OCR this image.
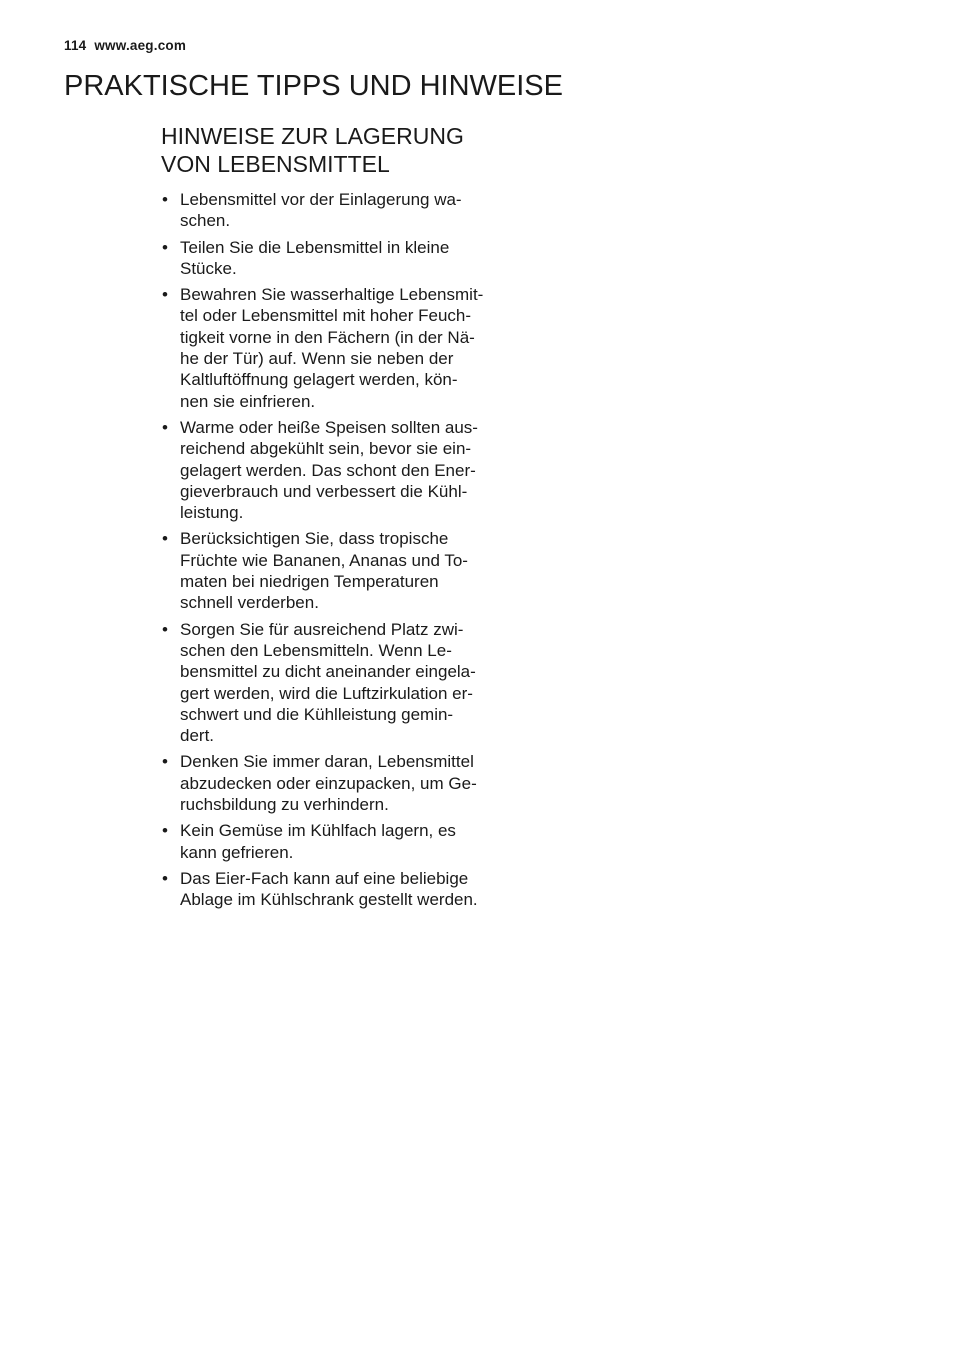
114 www.aeg.com
PRAKTISCHE TIPPS UND HINWEISE
HINWEISE ZUR LAGERUNG
VON LEBENSMITTEL
• Lebensmittel vor der Einlagerung wa-
schen.
• Teilen Sie die Lebensmittel in kleine
Stücke.
• Bewahren Sie wasserhaltige Lebensmit-
tel oder Lebensmittel mit hoher Feuch-
tigkeit vorne in den Fächern (in der Nä-
he der Tür) auf. Wenn sie neben der
Kaltluftöffnung gelagert werden, kön-
nen sie einfrieren.
• Warme oder heiße Speisen sollten aus-
reichend abgekühlt sein, bevor sie ein-
gelagert werden. Das schont den Ener-
gieverbrauch und verbessert die Kühl-
leistung.
• Berücksichtigen Sie, dass tropische
Früchte wie Bananen, Ananas und To-
maten bei niedrigen Temperaturen
schnell verderben.
• Sorgen Sie für ausreichend Platz zwi-
schen den Lebensmitteln. Wenn Le-
bensmittel zu dicht aneinander eingela-
gert werden, wird die Luftzirkulation er-
schwert und die Kühlleistung gemin-
dert.
• Denken Sie immer daran, Lebensmittel
abzudecken oder einzupacken, um Ge-
ruchsbildung zu verhindern.
• Kein Gemüse im Kühlfach lagern, es
kann gefrieren.
• Das Eier-Fach kann auf eine beliebige
Ablage im Kühlschrank gestellt werden.
